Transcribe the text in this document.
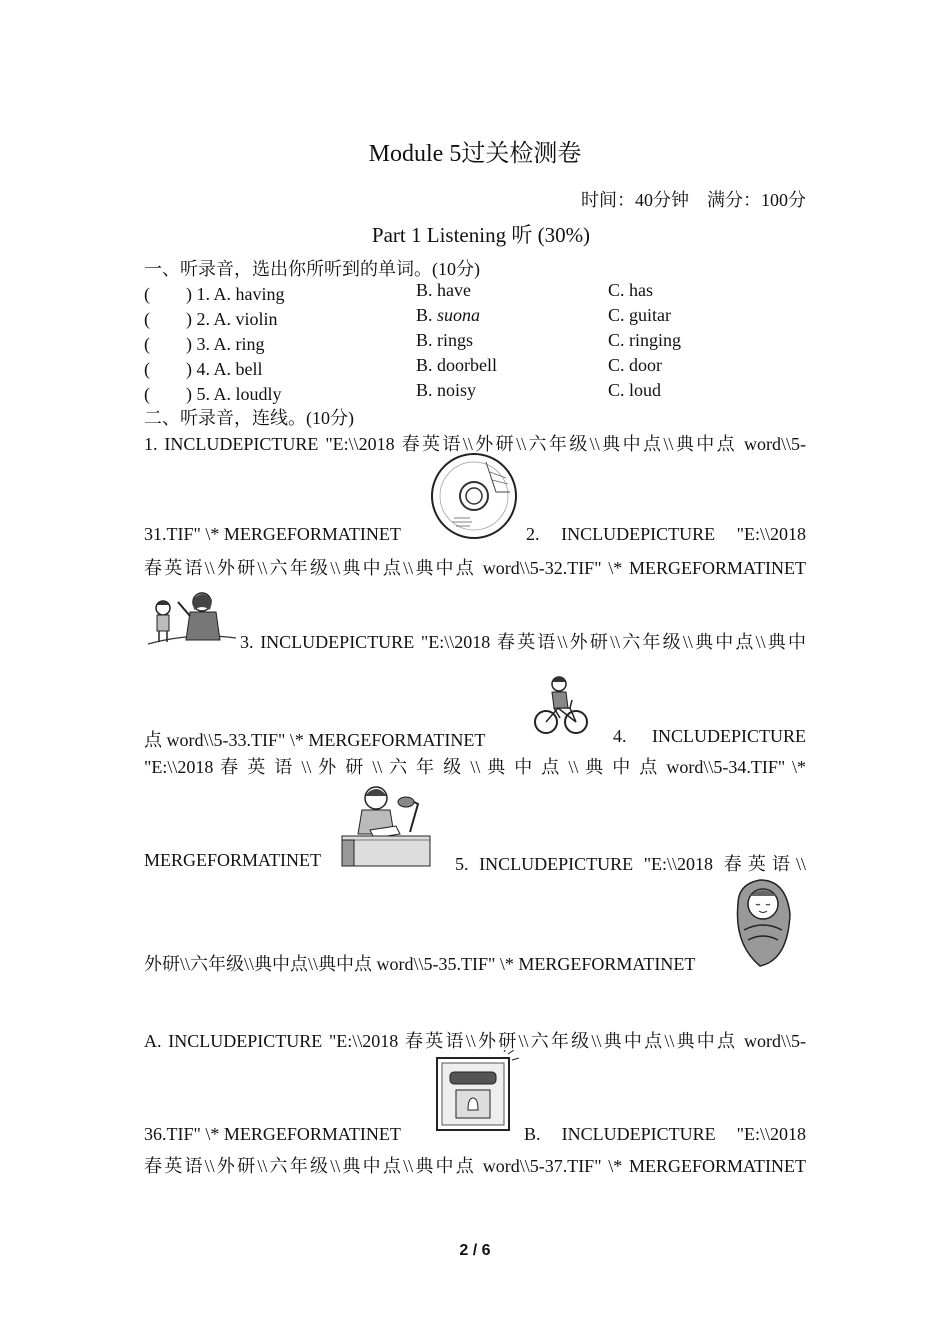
Module 5过关检测卷
时间：40分钟　满分：100分
Part 1 Listening 听 (30%)
一、听录音，选出你所听到的单词。(10分)
(　　) 1. A. having	B. have	C. has
(　　) 2. A. violin	B. suona	C. guitar
(　　) 3. A. ring	B. rings	C. ringing
(　　) 4. A. bell	B. doorbell	C. door
(　　) 5. A. loudly	B. noisy	C. loud
二、听录音，连线。(10分)
1. INCLUDEPICTURE "E:\\2018 春英语\\外研\\六年级\\典中点\\典中点 word\\5-
31.TIF" \* MERGEFORMATINET	2. INCLUDEPICTURE "E:\\2018
春英语\\外研\\六年级\\典中点\\典中点 word\\5-32.TIF" \* MERGEFORMATINET
3. INCLUDEPICTURE "E:\\2018 春英语\\外研\\六年级\\典中点\\典中
点 word\\5-33.TIF" \* MERGEFORMATINET	4. INCLUDEPICTURE
"E:\\2018 春 英 语 \\ 外 研 \\ 六 年 级 \\ 典 中 点 \\ 典 中 点 word\\5-34.TIF" \*
MERGEFORMATINET	5. INCLUDEPICTURE "E:\\2018 春英语\\
外研\\六年级\\典中点\\典中点 word\\5-35.TIF" \* MERGEFORMATINET
A. INCLUDEPICTURE "E:\\2018 春英语\\外研\\六年级\\典中点\\典中点 word\\5-
36.TIF" \* MERGEFORMATINET	B. INCLUDEPICTURE "E:\\2018
春英语\\外研\\六年级\\典中点\\典中点 word\\5-37.TIF" \* MERGEFORMATINET
2 / 6
